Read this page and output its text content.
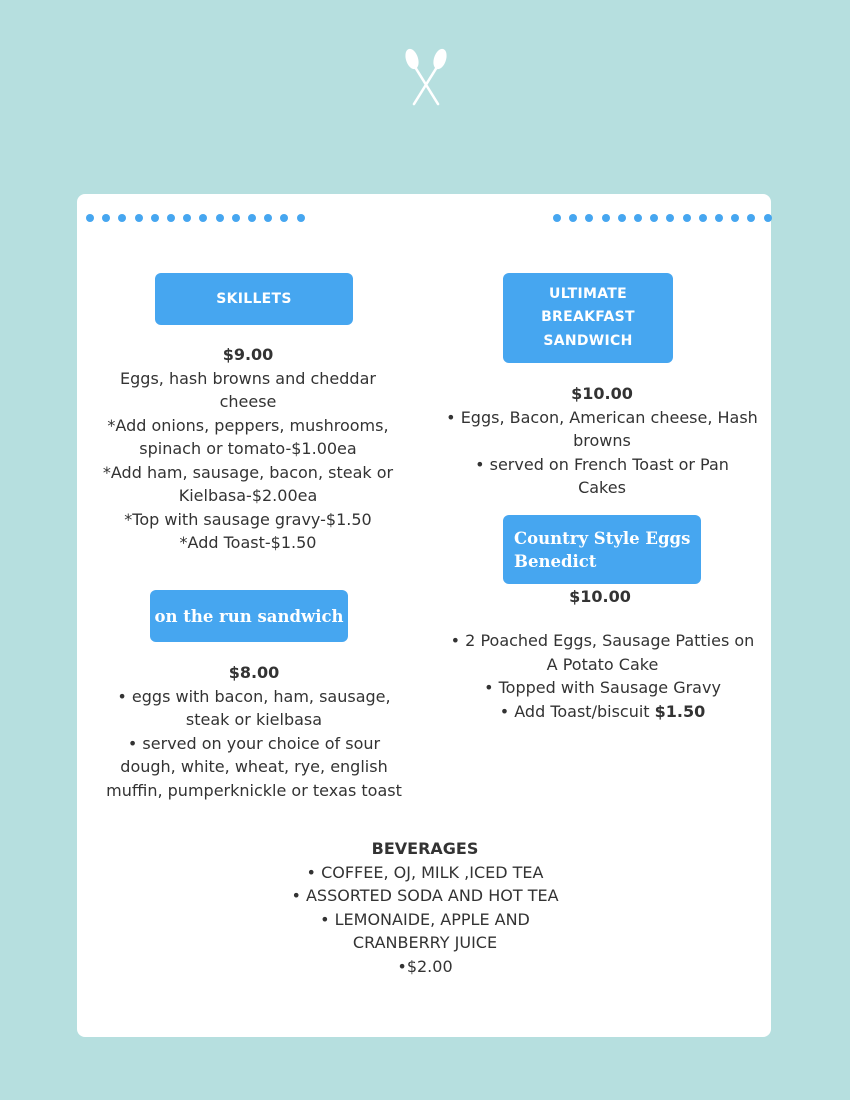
SKILLETS
$9.00
Eggs, hash browns and cheddar
cheese
*Add onions, peppers, mushrooms,
spinach or tomato-$1.00ea
*Add ham, sausage, bacon, steak or
Kielbasa-$2.00ea
*Top with sausage gravy-$1.50
*Add Toast-$1.50
ULTIMATE
BREAKFAST
SANDWICH
$10.00
• Eggs, Bacon, American cheese, Hash
browns
• served on French Toast or Pan
Cakes
Country Style Eggs
Benedict
$10.00
• 2 Poached Eggs, Sausage Patties on
A Potato Cake
• Topped with Sausage Gravy
• Add Toast/biscuit $1.50
on the run sandwich
$8.00
• eggs with bacon, ham, sausage,
steak or kielbasa
• served on your choice of sour
dough, white, wheat, rye, english
muffin, pumperknickle or texas toast
BEVERAGES
• COFFEE, OJ, MILK ,ICED TEA
• ASSORTED SODA AND HOT TEA
• LEMONAIDE, APPLE AND
CRANBERRY JUICE
•$2.00
